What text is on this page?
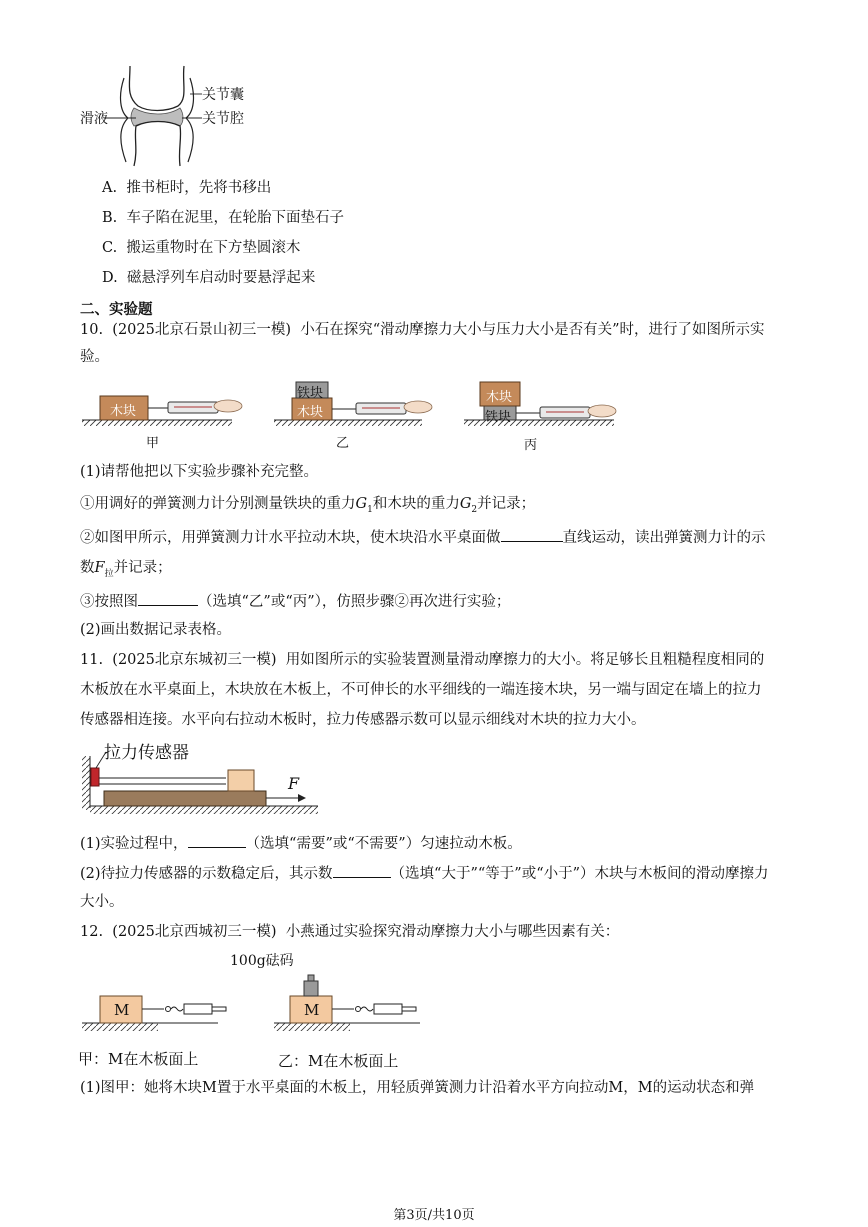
滑液
关节囊
关节腔
A. 推书柜时，先将书移出
B. 车子陷在泥里，在轮胎下面垫石子
C. 搬运重物时在下方垫圆滚木
D. 磁悬浮列车启动时要悬浮起来
二、实验题
10. (2025北京石景山初三一模) 小石在探究“滑动摩擦力大小与压力大小是否有关”时，进行了如图所示实
验。
木块
铁块
木块
木块
铁块
甲	乙	丙
(1)请帮他把以下实验步骤补充完整。
①用调好的弹簧测力计分别测量铁块的重力$G_1$和木块的重力$G_2$并记录；
②如图甲所示，用弹簧测力计水平拉动木块，使木块沿水平桌面做	直线运动，读出弹簧测力计的示
数$F_拉$并记录；
③按照图	（选填“乙”或“丙”），仿照步骤②再次进行实验；
(2)画出数据记录表格。
11. (2025北京东城初三一模) 用如图所示的实验装置测量滑动摩擦力的大小。将足够长且粗糙程度相同的
木板放在水平桌面上，木块放在木板上，不可伸长的水平细线的一端连接木块，另一端与固定在墙上的拉力
传感器相连接。水平向右拉动木板时，拉力传感器示数可以显示细线对木块的拉力大小。
拉力传感器
F
(1)实验过程中，	（选填“需要”或“不需要”）匀速拉动木板。
(2)待拉力传感器的示数稳定后，其示数	（选填“大于”“等于”或“小于”）木块与木板间的滑动摩擦力
大小。
12. (2025北京西城初三一模) 小燕通过实验探究滑动摩擦力大小与哪些因素有关：
100g砝码
M	M
甲：M在木板面上	乙：M在木板面上
(1)图甲：她将木块M置于水平桌面的木板上，用轻质弹簧测力计沿着水平方向拉动M，M的运动状态和弹
第3页/共10页
